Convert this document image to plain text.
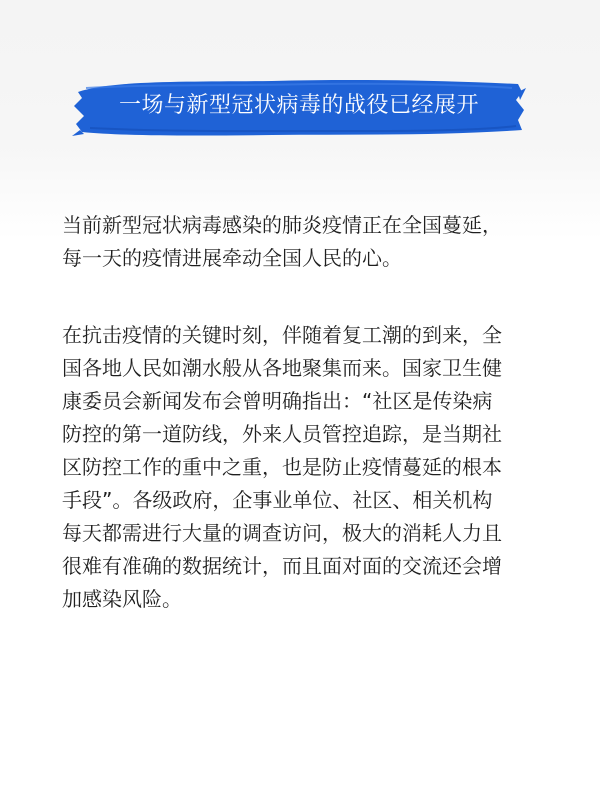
一场与新型冠状病毒的战役已经展开

当前新型冠状病毒感染的肺炎疫情正在全国蔓延，
每一天的疫情进展牵动全国人民的心。

在抗击疫情的关键时刻，伴随着复工潮的到来，全
国各地人民如潮水般从各地聚集而来。国家卫生健
康委员会新闻发布会曾明确指出：“社区是传染病
防控的第一道防线，外来人员管控追踪，是当期社
区防控工作的重中之重，也是防止疫情蔓延的根本
手段”。各级政府，企事业单位、社区、相关机构
每天都需进行大量的调查访问，极大的消耗人力且
很难有准确的数据统计，而且面对面的交流还会增
加感染风险。
